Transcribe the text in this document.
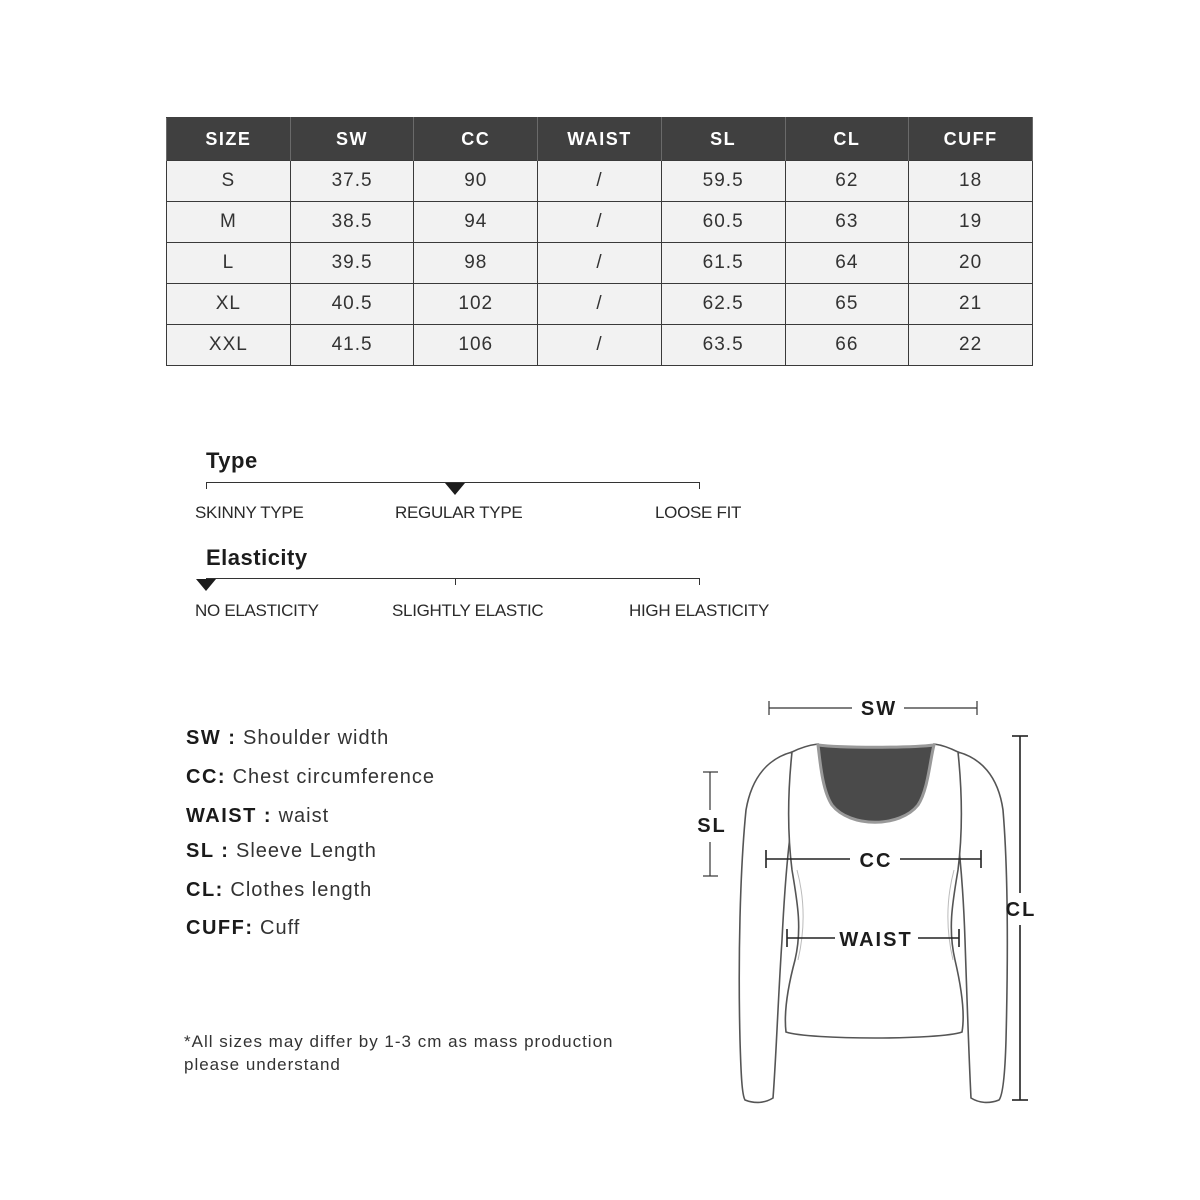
SIZE	SW	CC	WAIST	SL	CL	CUFF
S	37.5	90	/	59.5	62	18
M	38.5	94	/	60.5	63	19
L	39.5	98	/	61.5	64	20
XL	40.5	102	/	62.5	65	21
XXL	41.5	106	/	63.5	66	22
Type
SKINNY TYPE	REGULAR TYPE	LOOSE FIT
Elasticity
NO ELASTICITY	SLIGHTLY ELASTIC	HIGH ELASTICITY
SW : Shoulder width
CC: Chest circumference
WAIST : waist
SL : Sleeve Length
CL: Clothes length
CUFF: Cuff
*All sizes may differ by 1-3 cm as mass production
please understand
SW
SL
CC
WAIST
CL
